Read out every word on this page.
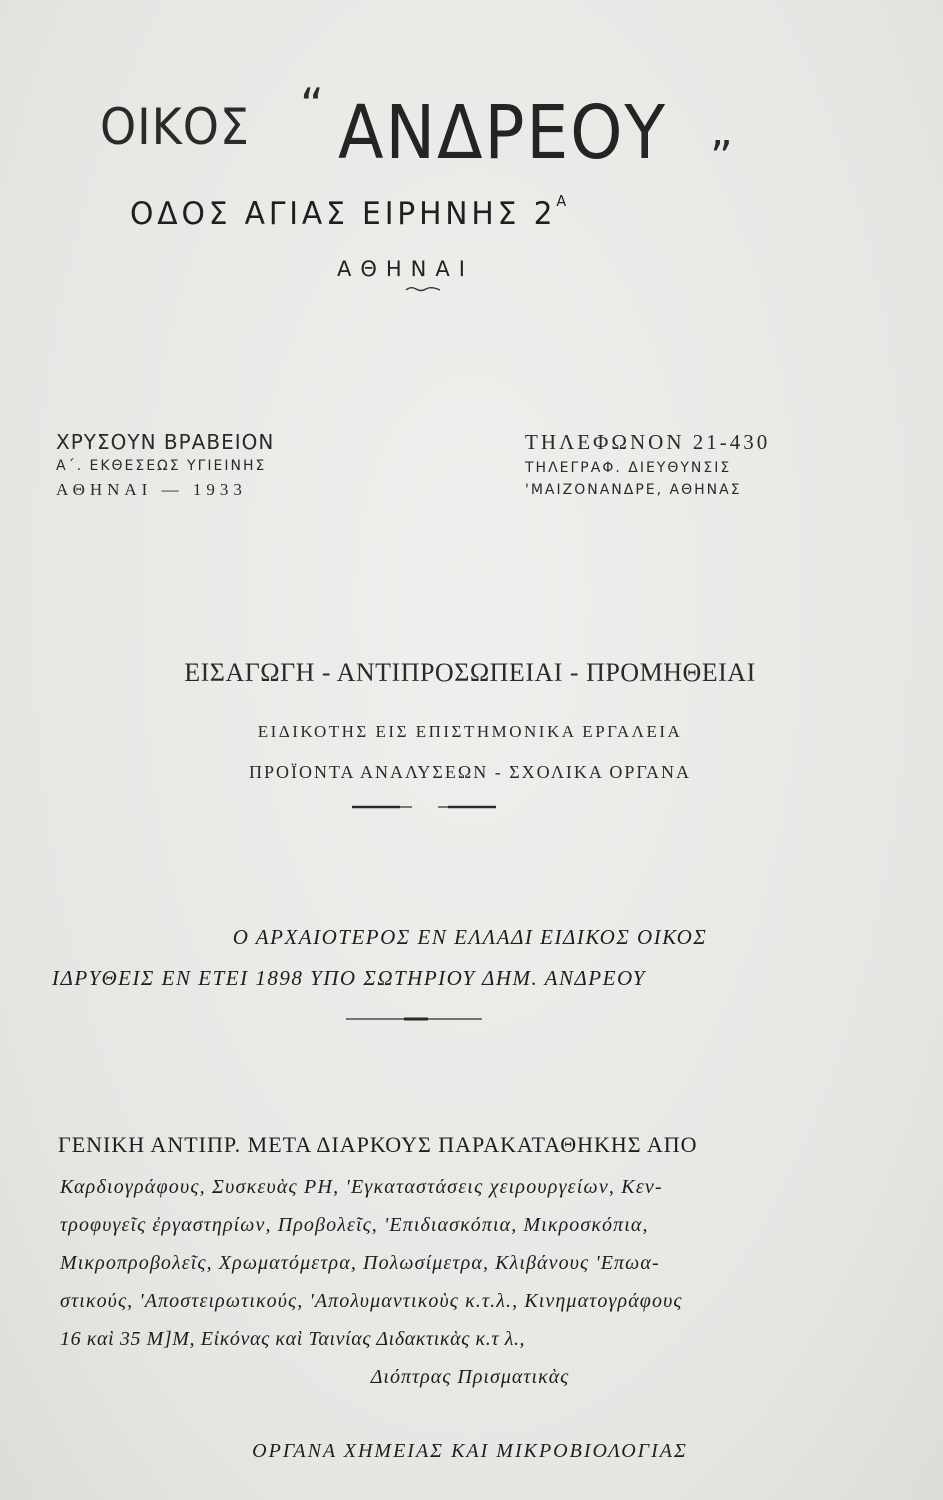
ΟΙΚΟΣ “ ΑΝΔΡΕΟΥ ”
ΟΔΟΣ ΑΓΙΑΣ ΕΙΡΗΝΗΣ $2^A$
ΑΘΗΝΑΙ
ΧΡΥΣΟΥΝ ΒΡΑΒΕΙΟΝ
Α΄. ΕΚΘΕΣΕΩΣ ΥΓΙΕΙΝΗΣ
ΑΘΗΝΑΙ — 1933
ΤΗΛΕΦΩΝΟΝ 21-430
ΤΗΛΕΓΡΑΦ. ΔΙΕΥΘΥΝΣΙΣ
'ΜΑΙΖΟΝΑΝΔΡΕ, ΑΘΗΝΑΣ
ΕΙΣΑΓΩΓΗ - ΑΝΤΙΠΡΟΣΩΠΕΙΑΙ - ΠΡΟΜΗΘΕΙΑΙ
ΕΙΔΙΚΟΤΗΣ ΕΙΣ ΕΠΙΣΤΗΜΟΝΙΚΑ ΕΡΓΑΛΕΙΑ
ΠΡΟΪΟΝΤΑ ΑΝΑΛΥΣΕΩΝ - ΣΧΟΛΙΚΑ ΟΡΓΑΝΑ
Ο ΑΡΧΑΙΟΤΕΡΟΣ ΕΝ ΕΛΛΑΔΙ ΕΙΔΙΚΟΣ ΟΙΚΟΣ
ΙΔΡΥΘΕΙΣ ΕΝ ΕΤΕΙ 1898 ΥΠΟ ΣΩΤΗΡΙΟΥ ΔΗΜ. ΑΝΔΡΕΟΥ
ΓΕΝΙΚΗ ΑΝΤΙΠΡ. ΜΕΤΑ ΔΙΑΡΚΟΥΣ ΠΑΡΑΚΑΤΑΘΗΚΗΣ ΑΠΟ
Καρδιογράφους, Συσκευὰς PH, 'Εγκαταστάσεις χειρουργείων, Κεν-
τροφυγεῖς ἐργαστηρίων, Προβολεῖς, 'Επιδιασκόπια, Μικροσκόπια,
Μικροπροβολεῖς, Χρωματόμετρα, Πολωσίμετρα, Κλιβάνους 'Επωα-
στικούς, 'Αποστειρωτικούς, 'Απολυμαντικοὺς κ.τ.λ., Κινηματογράφους
16 καὶ 35 M]M, Εἰκόνας καὶ Ταινίας Διδακτικὰς κ.τ λ.,
Διόπτρας Πρισματικὰς
ΟΡΓΑΝΑ ΧΗΜΕΙΑΣ ΚΑΙ ΜΙΚΡΟΒΙΟΛΟΓΙΑΣ
